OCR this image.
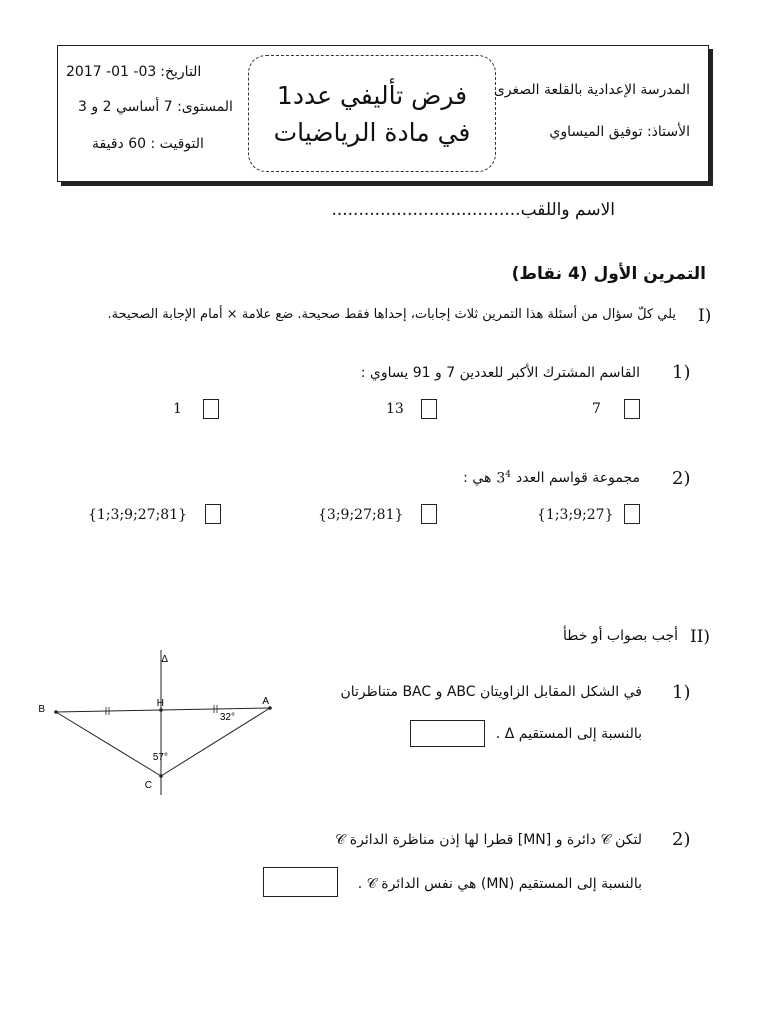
فرض تأليفي عدد1
في مادة الرياضيات
المدرسة الإعدادية بالقلعة الصغرى
الأستاذ: توفيق الميساوي
التاريخ:
2017 -01 -03
المستوى: 7 أساسي 2 و 3
التوقيت : 60 دقيقة
الاسم واللقب...................................
التمرين الأول (4 نقاط)
I)
يلي كلّ سؤال من أسئلة هذا التمرين ثلاث إجابات، إحداها فقط صحيحة. ضع علامة × أمام الإجابة الصحيحة.
1)
القاسم المشترك الأكبر للعددين 7 و 91 يساوي :
7
13
1
2)
مجموعة قواسم العدد
$3^4$
هي :
{1;3;9;27}
{3;9;27;81}
{1;3;9;27;81}
II)
أجب بصواب أو خطأ
1)
في الشكل المقابل الزاويتان ABC و BAC متناظرتان
بالنسبة إلى المستقيم Δ .
2)
لتكن 𝒞 دائرة و [MN] قطرا لها إذن مناظرة الدائرة 𝒞
بالنسبة إلى المستقيم (MN) هي نفس الدائرة 𝒞 .
Δ
B
A
H
C
32°
57°
